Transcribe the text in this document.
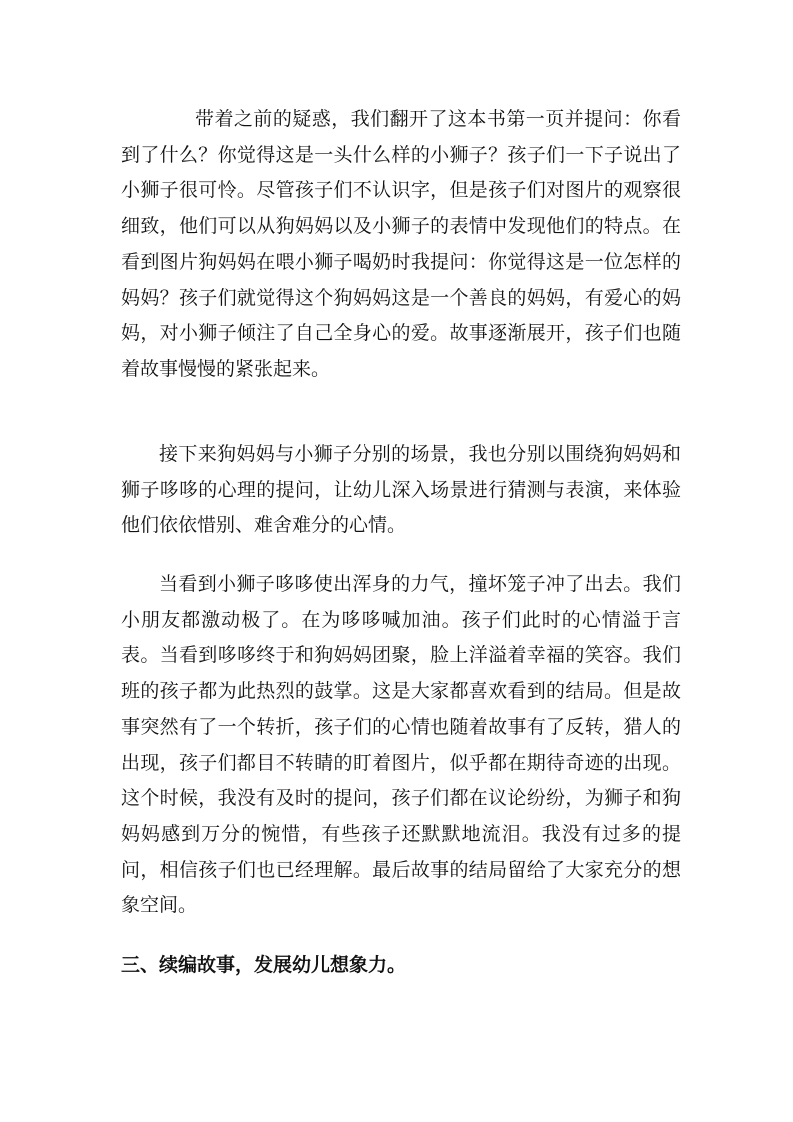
带着之前的疑惑，我们翻开了这本书第一页并提问：你看到了什么？你觉得这是一头什么样的小狮子？孩子们一下子说出了小狮子很可怜。尽管孩子们不认识字，但是孩子们对图片的观察很细致，他们可以从狗妈妈以及小狮子的表情中发现他们的特点。在看到图片狗妈妈在喂小狮子喝奶时我提问：你觉得这是一位怎样的妈妈？孩子们就觉得这个狗妈妈这是一个善良的妈妈，有爱心的妈妈，对小狮子倾注了自己全身心的爱。故事逐渐展开，孩子们也随着故事慢慢的紧张起来。

接下来狗妈妈与小狮子分别的场景，我也分别以围绕狗妈妈和狮子哆哆的心理的提问，让幼儿深入场景进行猜测与表演，来体验他们依依惜别、难舍难分的心情。

当看到小狮子哆哆使出浑身的力气，撞坏笼子冲了出去。我们小朋友都激动极了。在为哆哆喊加油。孩子们此时的心情溢于言表。当看到哆哆终于和狗妈妈团聚，脸上洋溢着幸福的笑容。我们班的孩子都为此热烈的鼓掌。这是大家都喜欢看到的结局。但是故事突然有了一个转折，孩子们的心情也随着故事有了反转，猎人的出现，孩子们都目不转睛的盯着图片，似乎都在期待奇迹的出现。这个时候，我没有及时的提问，孩子们都在议论纷纷，为狮子和狗妈妈感到万分的惋惜，有些孩子还默默地流泪。我没有过多的提问，相信孩子们也已经理解。最后故事的结局留给了大家充分的想象空间。

三、续编故事，发展幼儿想象力。
